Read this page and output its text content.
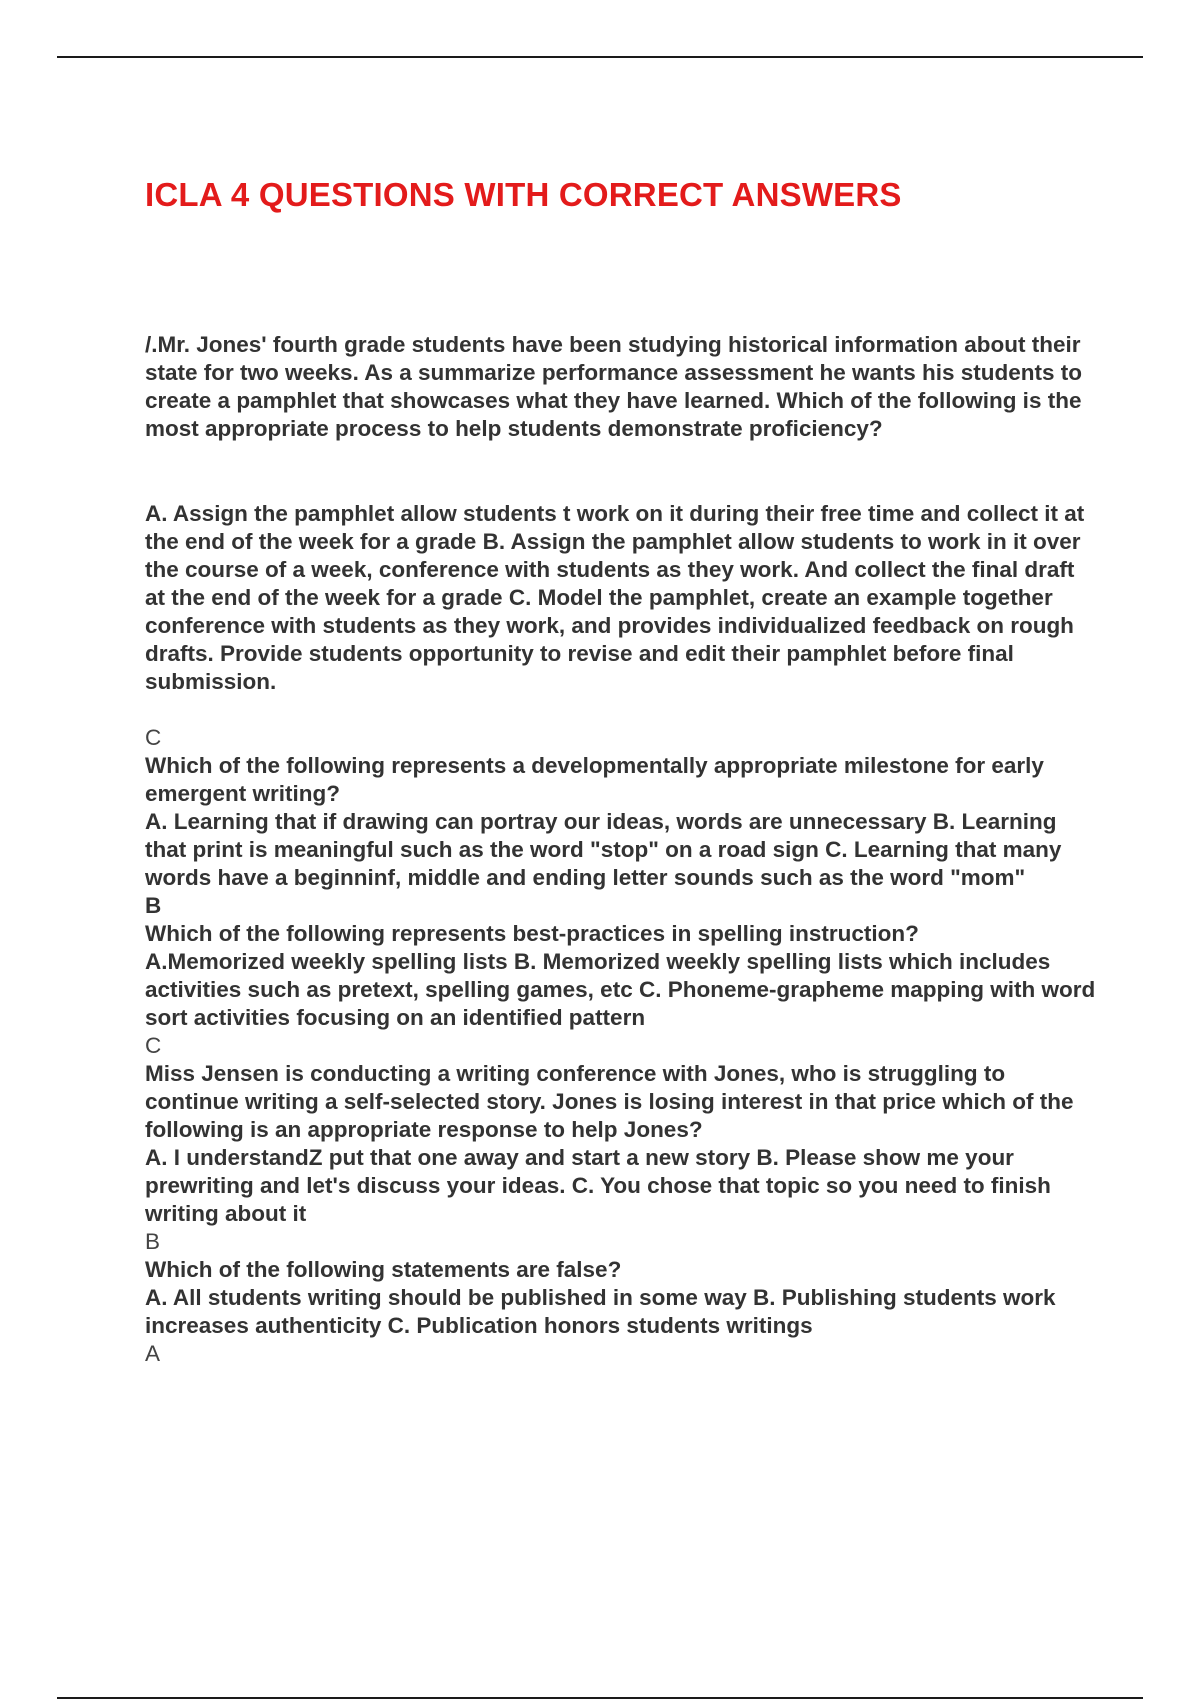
ICLA 4 QUESTIONS WITH CORRECT ANSWERS

/.Mr. Jones' fourth grade students have been studying historical information about their state for two weeks. As a summarize performance assessment he wants his students to create a pamphlet that showcases what they have learned. Which of the following is the most appropriate process to help students demonstrate proficiency?

A. Assign the pamphlet allow students t work on it during their free time and collect it at the end of the week for a grade B. Assign the pamphlet allow students to work in it over the course of a week, conference with students as they work. And collect the final draft at the end of the week for a grade C. Model the pamphlet, create an example together conference with students as they work, and provides individualized feedback on rough drafts. Provide students opportunity to revise and edit their pamphlet before final submission.

C

Which of the following represents a developmentally appropriate milestone for early emergent writing?

A. Learning that if drawing can portray our ideas, words are unnecessary B. Learning that print is meaningful such as the word "stop" on a road sign C. Learning that many words have a beginninf, middle and ending letter sounds such as the word "mom"

B

Which of the following represents best-practices in spelling instruction?

A.Memorized weekly spelling lists B. Memorized weekly spelling lists which includes activities such as pretext, spelling games, etc C. Phoneme-grapheme mapping with word sort activities focusing on an identified pattern

C

Miss Jensen is conducting a writing conference with Jones, who is struggling to continue writing a self-selected story. Jones is losing interest in that price which of the following is an appropriate response to help Jones?

A. I understandZ put that one away and start a new story B. Please show me your prewriting and let's discuss your ideas. C. You chose that topic so you need to finish writing about it

B

Which of the following statements are false?

A. All students writing should be published in some way B. Publishing students work increases authenticity C. Publication honors students writings

A
